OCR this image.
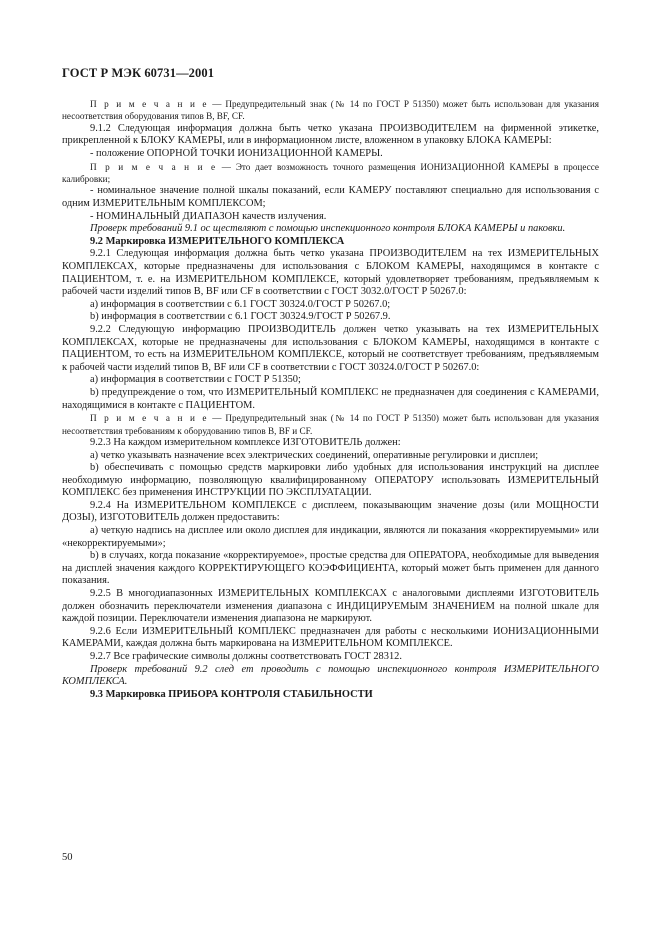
ГОСТ Р МЭК 60731—2001

П р и м е ч а н и е — Предупредительный знак (№ 14 по ГОСТ Р 51350) может быть использован для указания несоответствия оборудования типов B, BF, CF.

9.1.2 Следующая информация должна быть четко указана ПРОИЗВОДИТЕЛЕМ на фирменной этикетке, прикрепленной к БЛОКУ КАМЕРЫ, или в информационном листе, вложенном в упаковку БЛОКА КАМЕРЫ:

- положение ОПОРНОЙ ТОЧКИ ИОНИЗАЦИОННОЙ КАМЕРЫ.

П р и м е ч а н и е — Это дает возможность точного размещения ИОНИЗАЦИОННОЙ КАМЕРЫ в процессе калибровки;

- номинальное значение полной шкалы показаний, если КАМЕРУ поставляют специально для использования с одним ИЗМЕРИТЕЛЬНЫМ КОМПЛЕКСОМ;

- НОМИНАЛЬНЫЙ ДИАПАЗОН качеств излучения.

Проверк требований 9.1 ос ществляют с помощью инспекционного контроля БЛОКА КАМЕРЫ и паковки.

9.2 Маркировка ИЗМЕРИТЕЛЬНОГО КОМПЛЕКСА

9.2.1 Следующая информация должна быть четко указана ПРОИЗВОДИТЕЛЕМ на тех ИЗМЕРИТЕЛЬНЫХ КОМПЛЕКСАХ, которые предназначены для использования с БЛОКОМ КАМЕРЫ, находящимся в контакте с ПАЦИЕНТОМ, т. е. на ИЗМЕРИТЕЛЬНОМ КОМПЛЕКСЕ, который удовлетворяет требованиям, предъявляемым к рабочей части изделий типов B, BF или CF в соответствии с ГОСТ 3032.0/ГОСТ Р 50267.0:

a) информация в соответствии с 6.1 ГОСТ 30324.0/ГОСТ Р 50267.0;

b) информация в соответствии с 6.1 ГОСТ 30324.9/ГОСТ Р 50267.9.

9.2.2 Следующую информацию ПРОИЗВОДИТЕЛЬ должен четко указывать на тех ИЗМЕРИТЕЛЬНЫХ КОМПЛЕКСАХ, которые не предназначены для использования с БЛОКОМ КАМЕРЫ, находящимся в контакте с ПАЦИЕНТОМ, то есть на ИЗМЕРИТЕЛЬНОМ КОМПЛЕКСЕ, который не соответствует требованиям, предъявляемым к рабочей части изделий типов B, BF или CF в соответствии с ГОСТ 30324.0/ГОСТ Р 50267.0:

a) информация в соответствии с ГОСТ Р 51350;

b) предупреждение о том, что ИЗМЕРИТЕЛЬНЫЙ КОМПЛЕКС не предназначен для соединения с КАМЕРАМИ, находящимися в контакте с ПАЦИЕНТОМ.

П р и м е ч а н и е — Предупредительный знак (№ 14 по ГОСТ Р 51350) может быть использован для указания несоответствия требованиям к оборудованию типов B, BF и CF.

9.2.3 На каждом измерительном комплексе ИЗГОТОВИТЕЛЬ должен:

a) четко указывать назначение всех электрических соединений, оперативные регулировки и дисплеи;

b) обеспечивать с помощью средств маркировки либо удобных для использования инструкций на дисплее необходимую информацию, позволяющую квалифицированному ОПЕРАТОРУ использовать ИЗМЕРИТЕЛЬНЫЙ КОМПЛЕКС без применения ИНСТРУКЦИИ ПО ЭКСПЛУАТАЦИИ.

9.2.4 На ИЗМЕРИТЕЛЬНОМ КОМПЛЕКСЕ с дисплеем, показывающим значение дозы (или МОЩНОСТИ ДОЗЫ), ИЗГОТОВИТЕЛЬ должен предоставить:

a) четкую надпись на дисплее или около дисплея для индикации, являются ли показания «корректируемыми» или «некорректируемыми»;

b) в случаях, когда показание «корректируемое», простые средства для ОПЕРАТОРА, необходимые для выведения на дисплей значения каждого КОРРЕКТИРУЮЩЕГО КОЭФФИЦИЕНТА, который может быть применен для данного показания.

9.2.5 В многодиапазонных ИЗМЕРИТЕЛЬНЫХ КОМПЛЕКСАХ с аналоговыми дисплеями ИЗГОТОВИТЕЛЬ должен обозначить переключатели изменения диапазона с ИНДИЦИРУЕМЫМ ЗНАЧЕНИЕМ на полной шкале для каждой позиции. Переключатели изменения диапазона не маркируют.

9.2.6 Если ИЗМЕРИТЕЛЬНЫЙ КОМПЛЕКС предназначен для работы с несколькими ИОНИЗАЦИОННЫМИ КАМЕРАМИ, каждая должна быть маркирована на ИЗМЕРИТЕЛЬНОМ КОМПЛЕКСЕ.

9.2.7 Все графические символы должны соответствовать ГОСТ 28312.

Проверк требований 9.2 след ет проводить с помощью инспекционного контроля ИЗМЕРИТЕЛЬНОГО КОМПЛЕКСА.

9.3 Маркировка ПРИБОРА КОНТРОЛЯ СТАБИЛЬНОСТИ

50
